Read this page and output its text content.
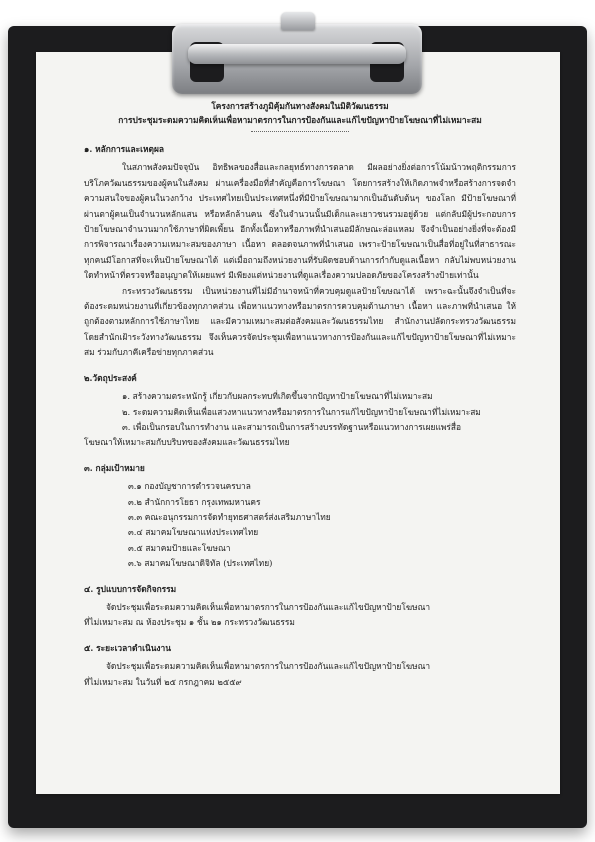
โครงการสร้างภูมิคุ้มกันทางสังคมในมิติวัฒนธรรม

การประชุมระดมความคิดเห็นเพื่อหามาตรการในการป้องกันและแก้ไขปัญหาป้ายโฆษณาที่ไม่เหมาะสม

๑. หลักการและเหตุผล

ในสภาพสังคมปัจจุบัน อิทธิพลของสื่อและกลยุทธ์ทางการตลาด มีผลอย่างยิ่งต่อการโน้มน้าวพฤติกรรมการบริโภควัฒนธรรมของผู้คนในสังคม ผ่านเครื่องมือที่สำคัญคือการโฆษณา โดยการสร้างให้เกิดภาพจำหรือสร้างการจดจำความสนใจของผู้คนในวงกว้าง ประเทศไทยเป็นประเทศหนึ่งที่มีป้ายโฆษณามากเป็นอันดับต้นๆ ของโลก มีป้ายโฆษณาที่ผ่านตาผู้คนเป็นจำนวนหลักแสน หรือหลักล้านคน ซึ่งในจำนวนนั้นมีเด็กและเยาวชนรวมอยู่ด้วย แต่กลับมีผู้ประกอบการป้ายโฆษณาจำนวนมากใช้ภาษาที่ผิดเพี้ยน อีกทั้งเนื้อหาหรือภาพที่นำเสนอมีลักษณะล่อแหลม จึงจำเป็นอย่างยิ่งที่จะต้องมีการพิจารณาเรื่องความเหมาะสมของภาษา เนื้อหา ตลอดจนภาพที่นำเสนอ เพราะป้ายโฆษณาเป็นสื่อที่อยู่ในที่สาธารณะ ทุกคนมีโอกาสที่จะเห็นป้ายโฆษณาได้ แต่เมื่อถามถึงหน่วยงานที่รับผิดชอบด้านการกำกับดูแลเนื้อหา กลับไม่พบหน่วยงานใดทำหน้าที่ตรวจหรืออนุญาตให้เผยแพร่ มีเพียงแต่หน่วยงานที่ดูแลเรื่องความปลอดภัยของโครงสร้างป้ายเท่านั้น

กระทรวงวัฒนธรรม เป็นหน่วยงานที่ไม่มีอำนาจหน้าที่ควบคุมดูแลป้ายโฆษณาได้ เพราะฉะนั้นจึงจำเป็นที่จะต้องระดมหน่วยงานที่เกี่ยวข้องทุกภาคส่วน เพื่อหาแนวทางหรือมาตรการควบคุมด้านภาษา เนื้อหา และภาพที่นำเสนอ ให้ถูกต้องตามหลักการใช้ภาษาไทย และมีความเหมาะสมต่อสังคมและวัฒนธรรมไทย สำนักงานปลัดกระทรวงวัฒนธรรม โดยสำนักเฝ้าระวังทางวัฒนธรรม จึงเห็นควรจัดประชุมเพื่อหาแนวทางการป้องกันและแก้ไขปัญหาป้ายโฆษณาที่ไม่เหมาะสม ร่วมกับภาคีเครือข่ายทุกภาคส่วน

๒.วัตถุประสงค์

๑. สร้างความตระหนักรู้ เกี่ยวกับผลกระทบที่เกิดขึ้นจากปัญหาป้ายโฆษณาที่ไม่เหมาะสม

๒. ระดมความคิดเห็นเพื่อแสวงหาแนวทางหรือมาตรการในการแก้ไขปัญหาป้ายโฆษณาที่ไม่เหมาะสม

๓. เพื่อเป็นกรอบในการทำงาน และสามารถเป็นการสร้างบรรทัดฐานหรือแนวทางการเผยแพร่สื่อ

โฆษณาให้เหมาะสมกับบริบทของสังคมและวัฒนธรรมไทย

๓. กลุ่มเป้าหมาย

๓.๑ กองบัญชาการตำรวจนครบาล

๓.๒ สำนักการโยธา กรุงเทพมหานคร

๓.๓ คณะอนุกรรมการจัดทำยุทธศาสตร์ส่งเสริมภาษาไทย

๓.๔ สมาคมโฆษณาแห่งประเทศไทย

๓.๕ สมาคมป้ายและโฆษณา

๓.๖ สมาคมโฆษณาดิจิทัล (ประเทศไทย)

๔. รูปแบบการจัดกิจกรรม

จัดประชุมเพื่อระดมความคิดเห็นเพื่อหามาตรการในการป้องกันและแก้ไขปัญหาป้ายโฆษณา

ที่ไม่เหมาะสม ณ ห้องประชุม ๑ ชั้น ๒๑ กระทรวงวัฒนธรรม

๕. ระยะเวลาดำเนินงาน

จัดประชุมเพื่อระดมความคิดเห็นเพื่อหามาตรการในการป้องกันและแก้ไขปัญหาป้ายโฆษณา

ที่ไม่เหมาะสม ในวันที่ ๒๕ กรกฎาคม ๒๕๕๙
